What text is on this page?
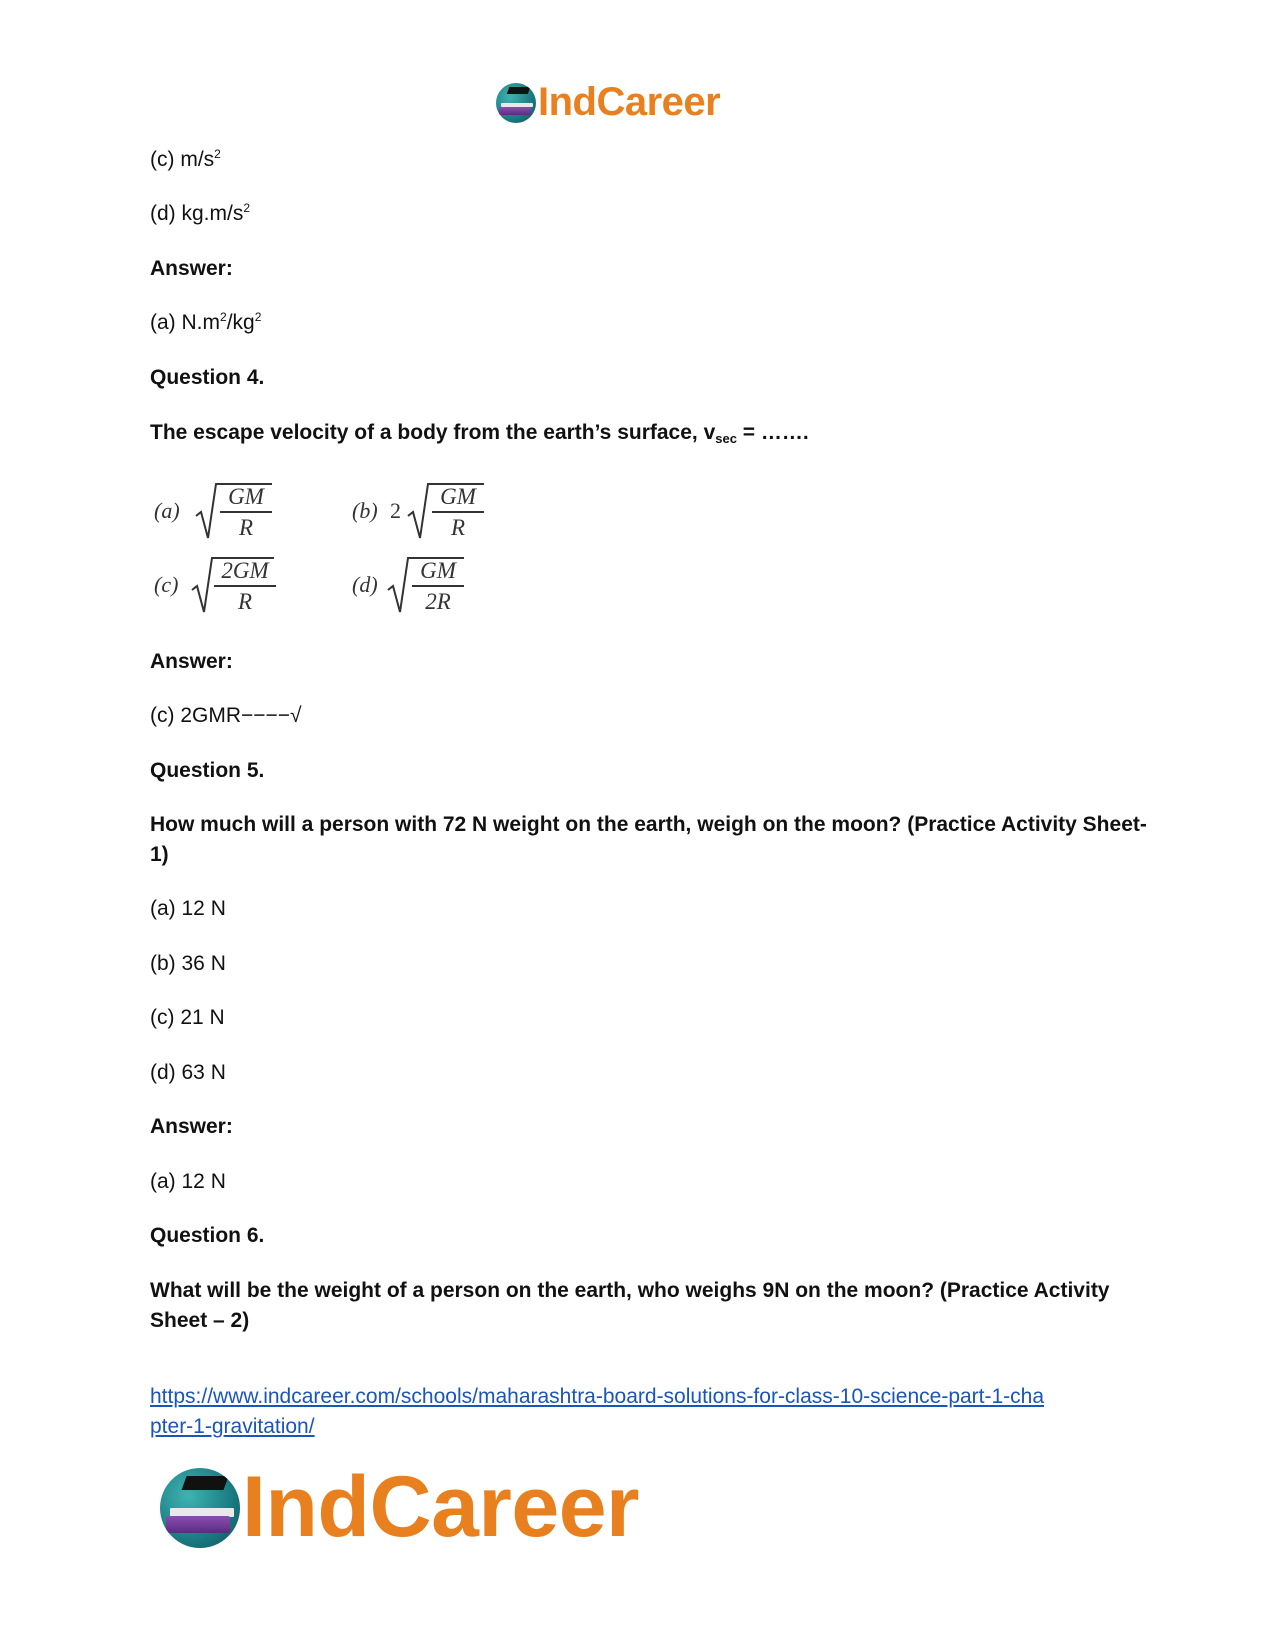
IndCareer

(c) $m/s^2$

(d) $kg.m/s^2$

Answer:

(a) $N.m^2/kg^2$

Question 4.

The escape velocity of a body from the earth’s surface, $v_{sec}$ = …….

$(a) \frac{GM}{R}$	(b) $2 \frac{GM}{R}$
$(c) \frac{2GM}{R}$	$(d) \frac{GM}{2R}$

Answer:

(c) 2GMR−−−−√

Question 5.

How much will a person with 72 N weight on the earth, weigh on the moon? (Practice Activity Sheet-1)

(a) 12 N

(b) 36 N

(c) 21 N

(d) 63 N

Answer:

(a) 12 N

Question 6.

What will be the weight of a person on the earth, who weighs 9N on the moon? (Practice Activity Sheet – 2)

https://www.indcareer.com/schools/maharashtra-board-solutions-for-class-10-science-part-1-cha
pter-1-gravitation/

IndCareer
